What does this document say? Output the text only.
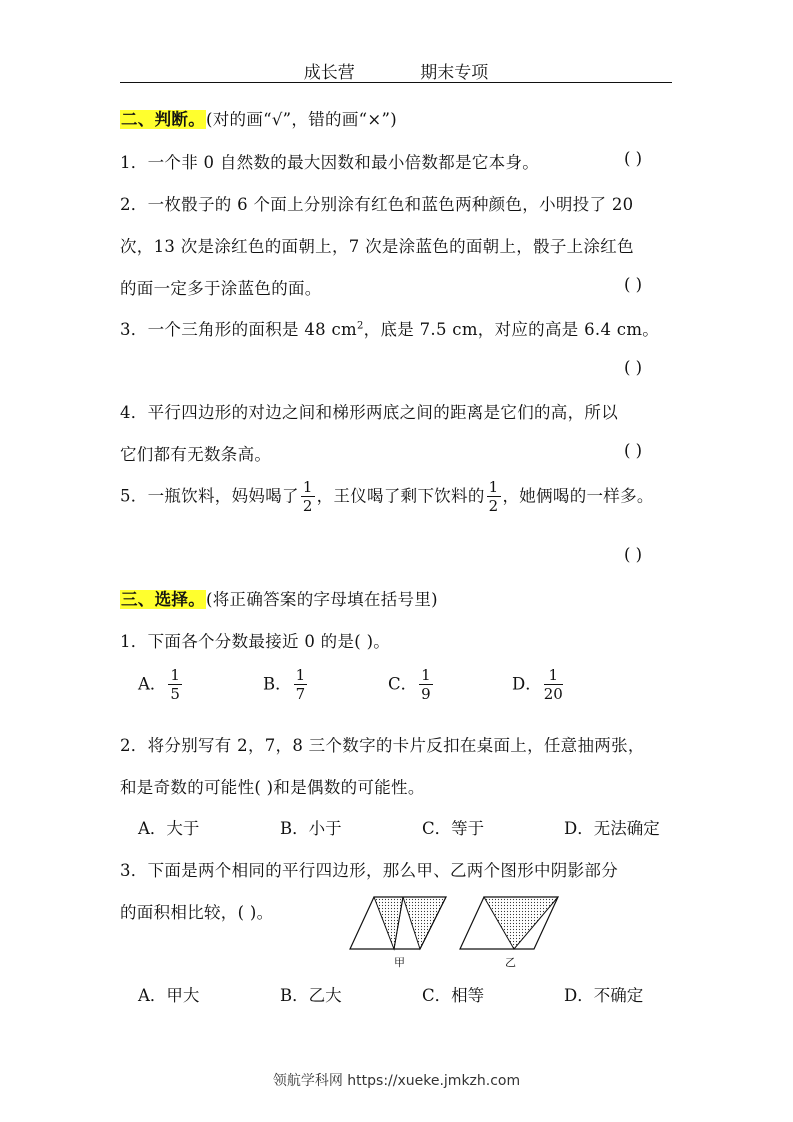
成长营	期末专项
二、判断。(对的画“√”，错的画“×”)
1．一个非 0 自然数的最大因数和最小倍数都是它本身。	( )
2．一枚骰子的 6 个面上分别涂有红色和蓝色两种颜色，小明投了 20
次，13 次是涂红色的面朝上，7 次是涂蓝色的面朝上，骰子上涂红色
的面一定多于涂蓝色的面。	( )
3．一个三角形的面积是 48 $cm^2$，底是 7.5 cm，对应的高是 6.4 cm。
( )
4．平行四边形的对边之间和梯形两底之间的距离是它们的高，所以
它们都有无数条高。	( )
5．一瓶饮料，妈妈喝了 $\frac{1}{2}$ ，王仪喝了剩下饮料的 $\frac{1}{2}$ ，她俩喝的一样多。
( )
三、选择。(将正确答案的字母填在括号里)
1．下面各个分数最接近 0 的是( )。
A． $\frac{1}{5}$	B． $\frac{1}{7}$	C． $\frac{1}{9}$	D． $\frac{1}{20}$
2．将分别写有 2，7，8 三个数字的卡片反扣在桌面上，任意抽两张，
和是奇数的可能性( )和是偶数的可能性。
A．大于	B．小于	C．等于	D．无法确定
3．下面是两个相同的平行四边形，那么甲、乙两个图形中阴影部分
的面积相比较，( )。
甲	乙
A．甲大	B．乙大	C．相等	D．不确定
领航学科网 https://xueke.jmkzh.com
